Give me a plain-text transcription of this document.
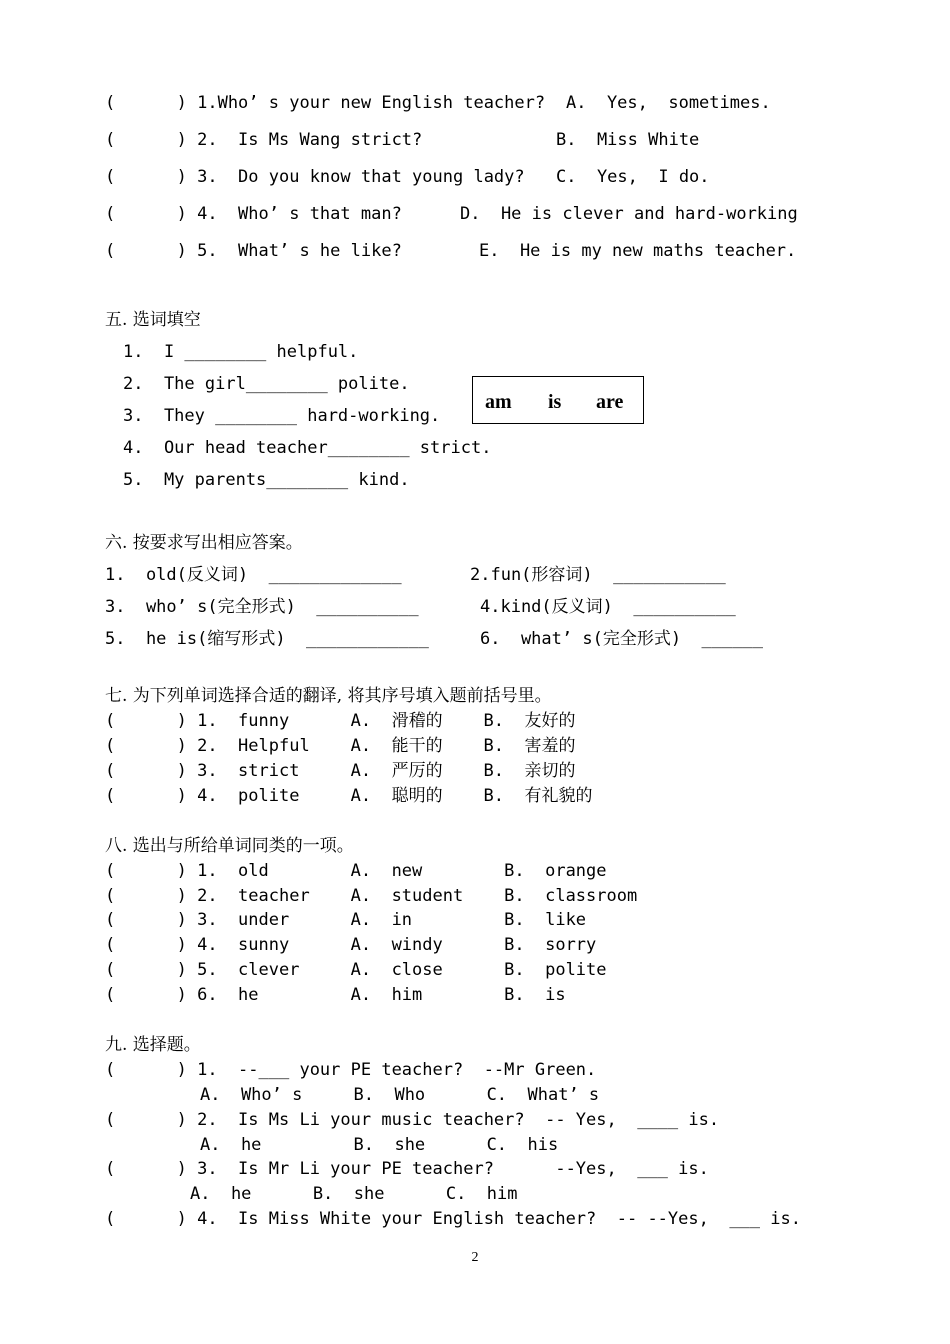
(      ) 1.Who’ s your new English teacher? A.  Yes,  sometimes.
(      ) 2.  Is Ms Wang strict?	B.  Miss White
(      ) 3.  Do you know that young lady? C.  Yes,  I do.
(      ) 4.  Who’ s that man?	D.  He is clever and hard-working
(      ) 5.  What’ s he like?	E.  He is my new maths teacher.
五. 选词填空
1.  I ________ helpful.
2.  The girl________ polite.
3.  They ________ hard-working.
4.  Our head teacher________ strict.
5.  My parents________ kind.
am is are
六. 按要求写出相应答案。
1.  old(反义词)  _____________	2.fun(形容词)  ___________
3.  who’ s(完全形式)  __________	4.kind(反义词)  __________
5.  he is(缩写形式)  ____________	6.  what’ s(完全形式)  ______
七. 为下列单词选择合适的翻译, 将其序号填入题前括号里。
(      ) 1.  funny      A.  滑稽的    B.  友好的
(      ) 2.  Helpful    A.  能干的    B.  害羞的
(      ) 3.  strict     A.  严厉的    B.  亲切的
(      ) 4.  polite     A.  聪明的    B.  有礼貌的
八. 选出与所给单词同类的一项。
(      ) 1.  old        A.  new        B.  orange
(      ) 2.  teacher    A.  student    B.  classroom
(      ) 3.  under      A.  in         B.  like
(      ) 4.  sunny      A.  windy      B.  sorry
(      ) 5.  clever     A.  close      B.  polite
(      ) 6.  he         A.  him        B.  is
九. 选择题。
(      ) 1.  --___ your PE teacher?  --Mr Green.
A.  Who’ s     B.  Who      C.  What’ s
(      ) 2.  Is Ms Li your music teacher?  -- Yes,  ____ is.
A.  he         B.  she      C.  his
(      ) 3.  Is Mr Li your PE teacher?      --Yes,  ___ is.
A.  he      B.  she      C.  him
(      ) 4.  Is Miss White your English teacher?  -- --Yes,  ___ is.
2
